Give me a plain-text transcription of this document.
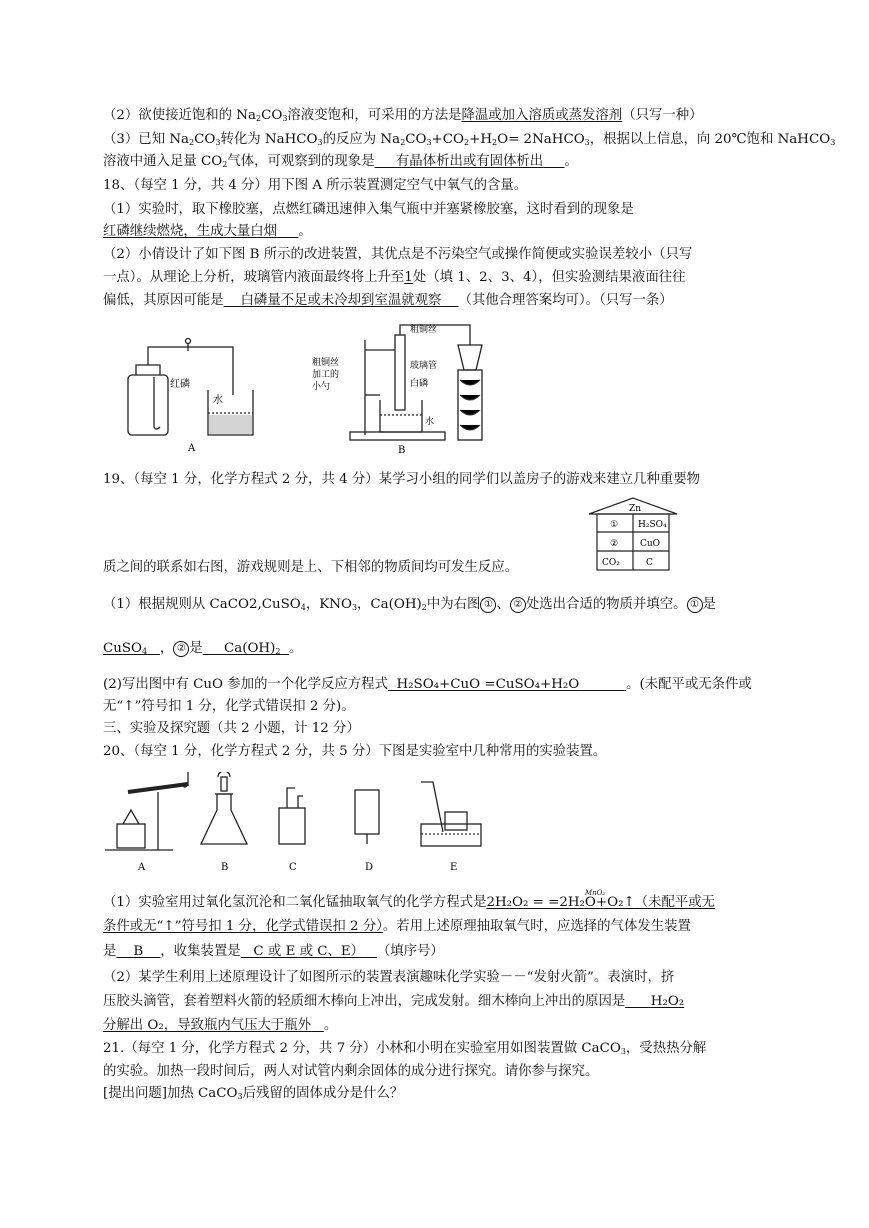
（2）欲使接近饱和的 $Na_2CO_3$溶液变饱和，可采用的方法是降温或加入溶质或蒸发溶剂（只写一种）
（3）已知 $Na_2CO_3$转化为 NaHCO$_3$的反应为 $Na_2CO_3+CO_2+H_2O=$ 2NaHCO$_3$，根据以上信息，向 20℃饱和 NaHCO$_3$
溶液中通入足量 $CO_2$气体，可观察到的现象是 有晶体析出或有固体析出 。
18、（每空 1 分，共 4 分）用下图 A 所示装置测定空气中氧气的含量。
（1）实验时，取下橡胶塞，点燃红磷迅速伸入集气瓶中并塞紧橡胶塞，这时看到的现象是
红磷继续燃烧，生成大量白烟 。
（2）小倩设计了如下图 B 所示的改进装置，其优点是不污染空气或操作简便或实验误差较小（只写
一点）。从理论上分析，玻璃管内液面最终将上升至1处（填 1、2、3、4），但实验测结果液面往往
偏低，其原因可能是 白磷量不足或未冷却到室温就观察 （其他合理答案均可）。（只写一条）
红磷
水
A
粗铜丝
粗铜丝
加工的
小勺
玻璃管
白磷
水
B
19、（每空 1 分，化学方程式 2 分，共 4 分）某学习小组的同学们以盖房子的游戏来建立几种重要物
Zn
① H₂SO₄
② CuO
CO₂	C
质之间的联系如右图，游戏规则是上、下相邻的物质间均可发生反应。
（1）根据规则从 CaCO2,CuSO$_4$，$KNO_3$，$Ca(OH)_2$中为右图 ① 、 ② 处选出合适的物质并填空。 ① 是
CuSO$_4$ ， ② 是 $Ca(OH)_2$ 。
(2)写出图中有 CuO 参加的一个化学反应方程式 H₂SO₄+CuO =CuSO₄+H₂O	。(未配平或无条件或
无“↑”符号扣 1 分，化学式错误扣 2 分)。
三、实验及探究题（共 2 小题，计 12 分）
20、（每空 1 分，化学方程式 2 分，共 5 分）下图是实验室中几种常用的实验装置。
A	B	C	D	E
MnO₂
（1）实验室用过氧化氢沉沦和二氧化锰抽取氧气的化学方程式是2H₂O₂ = =2H₂O+O₂↑（未配平或无
条件或无“↑”符号扣 1 分，化学式错误扣 2 分）。若用上述原理抽取氧气时，应选择的气体发生装置
是 B ，收集装置是 C 或 E 或 C、E） （填序号）
（2）某学生利用上述原理设计了如图所示的装置表演趣味化学实验－－“发射火箭”。表演时，挤
压胶头滴管，套着塑料火箭的轻质细木棒向上冲出，完成发射。细木棒向上冲出的原因是 H₂O₂
分解出 O₂，导致瓶内气压大于瓶外 。
21.（每空 1 分，化学方程式 2 分，共 7 分）小林和小明在实验室用如图装置做 CaCO$_3$，受热热分解
的实验。加热一段时间后，两人对试管内剩余固体的成分进行探究。请你参与探究。
[提出问题]加热 CaCO$_3$后残留的固体成分是什么？
